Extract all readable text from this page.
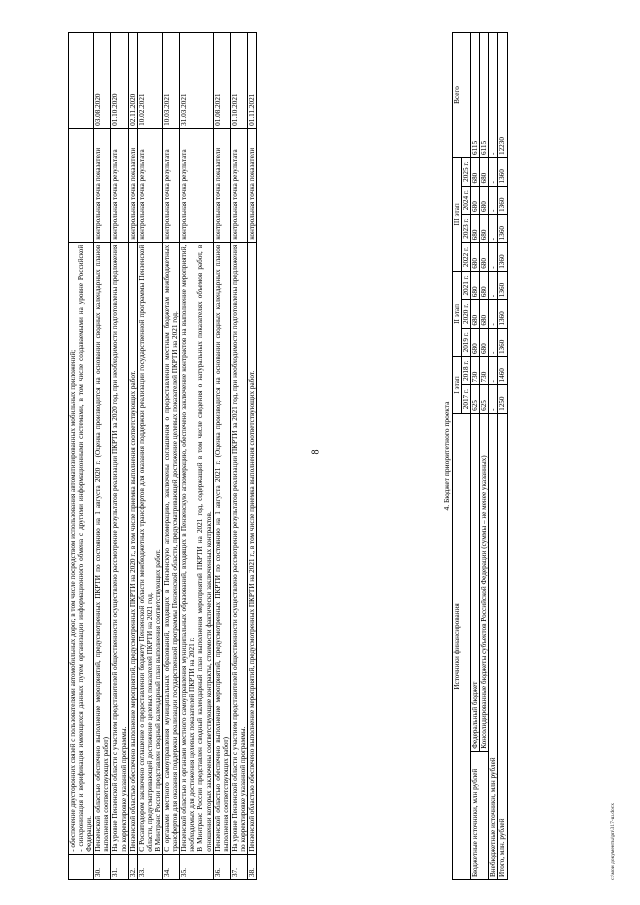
8
	- обеспечение двусторонних связей с пользователями автомобильных дорог, в том числе посредством использования автоматизированных мобильных приложений;
- синхронизация и верификация имеющихся данных путем организации информационного обмена с другими информационными системами, в том числе создаваемыми на уровне Российской Федерации.		
30.	Пензенской областью обеспечено выполнение мероприятий, предусмотренных ПКРТИ по состоянию на 1 августа 2020 г. (Оценка производится на основании сводных календарных планов выполнения соответствующих работ)	контрольная точка показатели	03.08.2020
31.	На уровне Пензенской области с участием представителей общественности осуществлено рассмотрение результатов реализации ПКРТИ за 2020 год, при необходимости подготовлены предложения по корректировке указанной программы.	контрольная точка результата	01.10.2020
32.	Пензенской областью обеспечено выполнение мероприятий, предусмотренных ПКРТИ на 2020 г., в том числе приемка выполнения соответствующих работ.	контрольная точка показатели	02.11.2020
33.	С Росавтодором заключено соглашение о предоставлении бюджету Пензенской области межбюджетных трансфертов для оказания поддержки реализации государственной программы Пензенской области, предусматривающей достижение целевых показателей ПКРТИ на 2021 год.
В Минтранс России представлен сводный календарный план выполнения соответствующих работ.	контрольная точка результата	10.02.2021
34.	С органами местного самоуправления муниципальных образований, входящих в Пензенскую агломерацию, заключены соглашения о предоставлении местным бюджетам межбюджетных трансфертов для оказания поддержки реализации государственной программы Пензенской области, предусматривающей достижение целевых показателей ПКРТИ на 2021 год.	контрольная точка результата	10.03.2021
35.	Пензенской областью и органами местного самоуправления муниципальных образований, входящих в Пензенскую агломерацию, обеспечено заключение контрактов на выполнение мероприятий, необходимых для достижения целевых показателей ПКРТИ на 2021 г.
В Минтранс России представлен сводный календарный план выполнения мероприятий ПКРТИ на 2021 год, содержащий в том числе сведения о натуральных показателях объемов работ, в отношении которых заключены соответствующие контракты, стоимости фактически заключенных контрактов.	контрольная точка результата	31.03.2021
36.	Пензенской областью обеспечено выполнение мероприятий, предусмотренных ПКРТИ по состоянию на 1 августа 2021 г. (Оценка производится на основании сводных календарных планов выполнения соответствующих работ)	контрольная точка показатели	01.08.2021
37.	На уровне Пензенской области с участием представителей общественности осуществлено рассмотрение результатов реализации ПКРТИ за 2021 год, при необходимости подготовлены предложения по корректировке указанной программы.	контрольная точка результата	01.10.2021
38.	Пензенской областью обеспечено выполнение мероприятий, предусмотренных ПКРТИ на 2021 г., в том числе приемка выполнения соответствующих работ.	контрольная точка показатели	01.11.2021
4. Бюджет приоритетного проекта
Источники финансирования		I этап		II этап			III этап				Всего
		2017 г.	2018 г.	2019 г.	2020 г.	2021 г.	2022 г.	2023 г.	2024 г.	2025 г.	
Бюджетные источники, млн рублей	Федеральный бюджет	625	730	680	680	680	680	680	680	680	6115
	Консолидированные бюджеты субъектов Российской Федерации (суммы – не менее указанных)	625	730	680	680	680	680	680	680	680	6115
Внебюджетные источники, млн рублей		-	-	-	-	-	-	-	-	-	-
Итого, млн. рублей		1250	1460	1360	1360	1360	1360	1360	1360	1360	12230
c:\мои документы\рп\317-ш.docx
